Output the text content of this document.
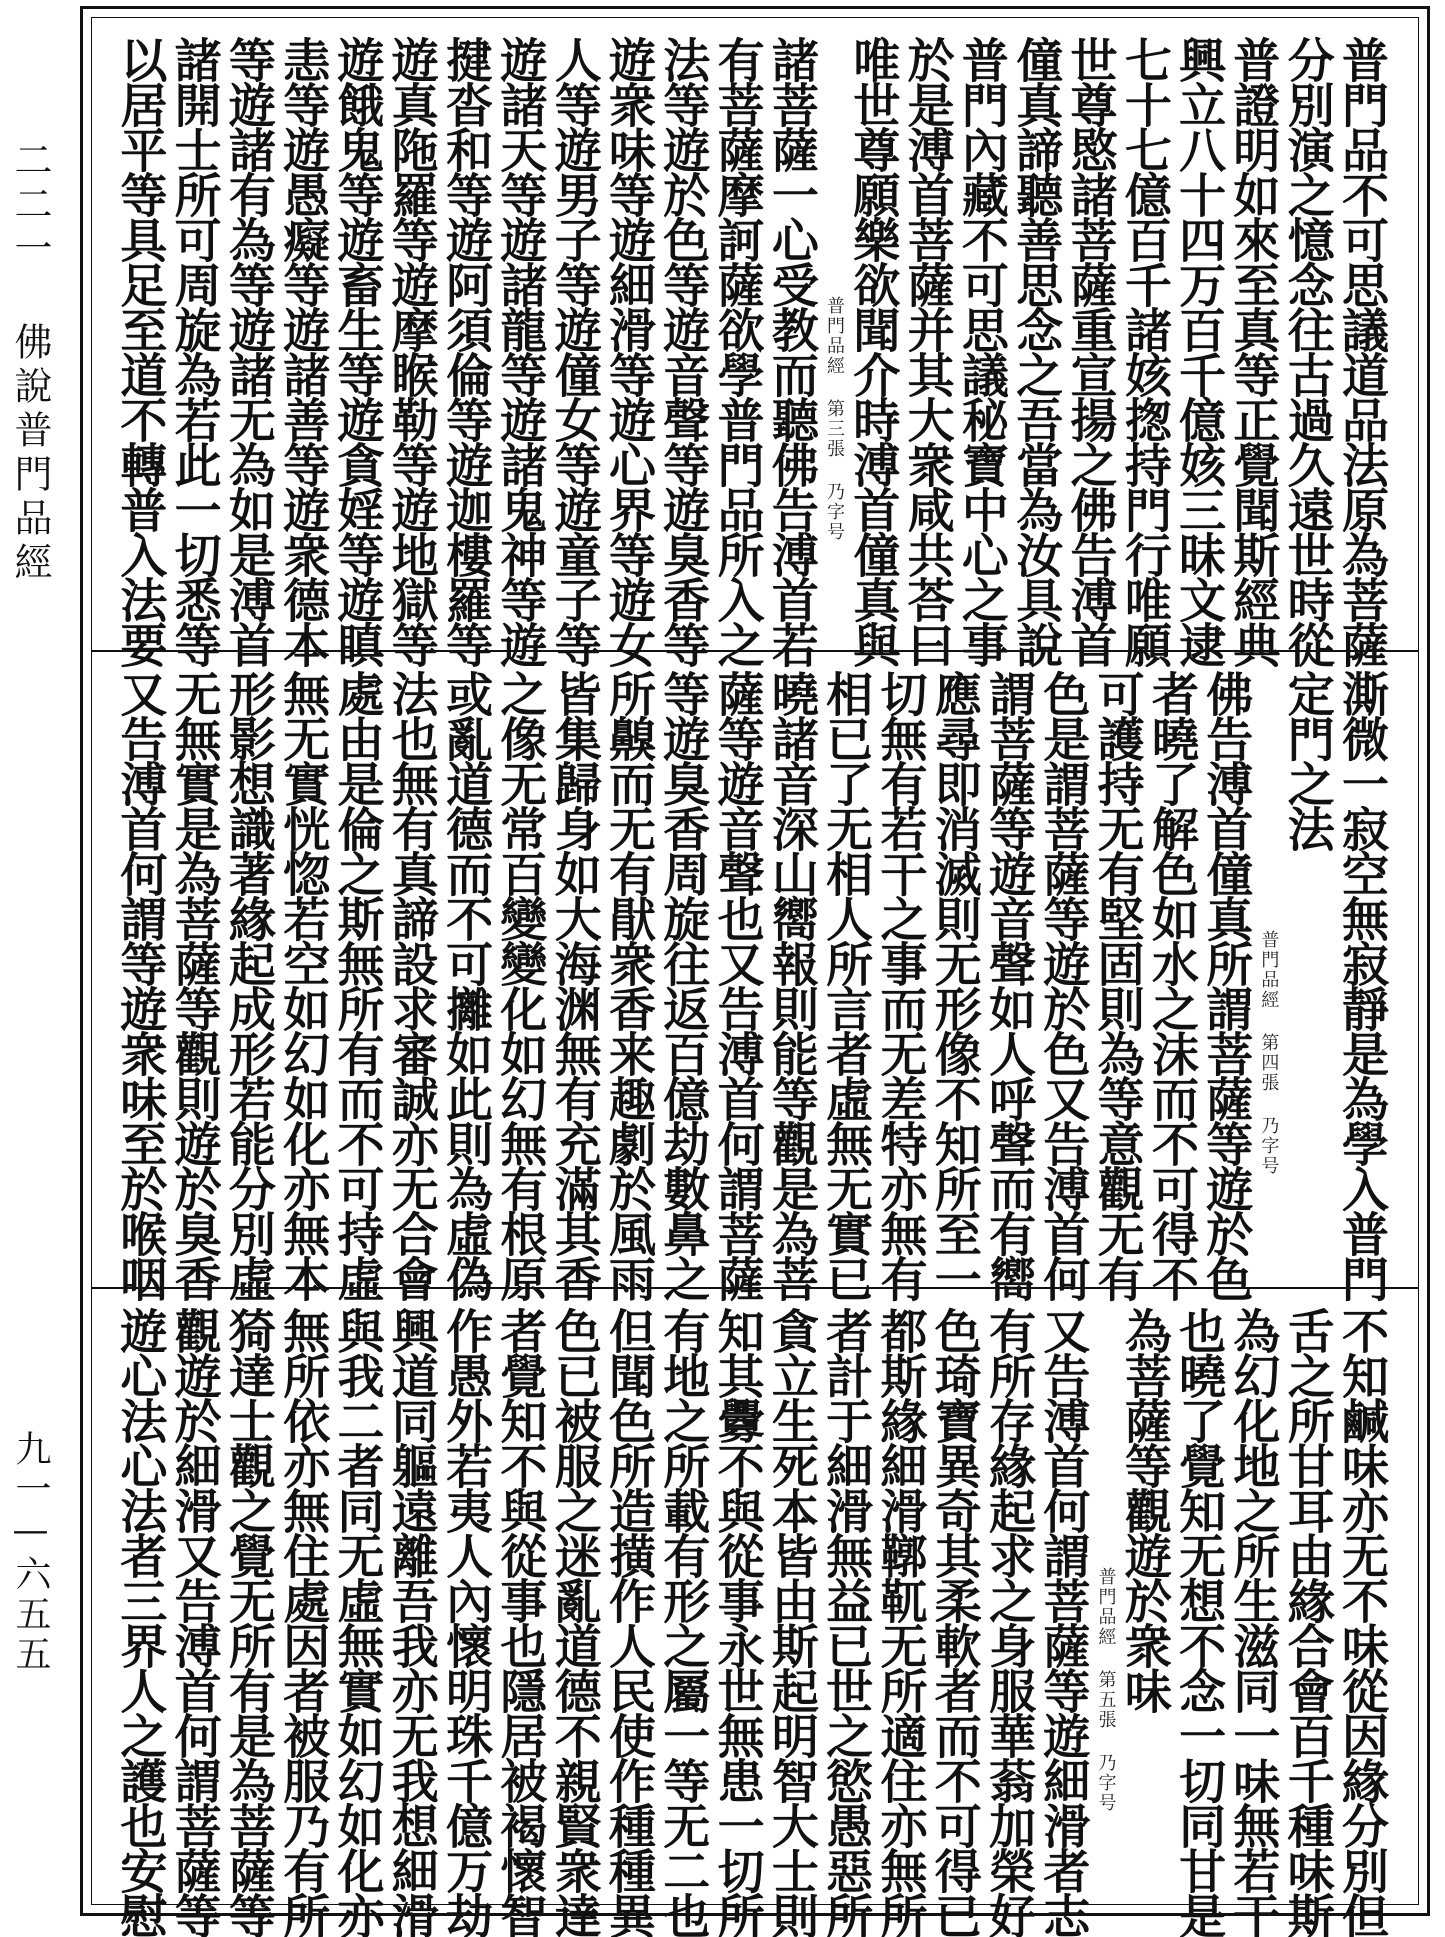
二二一 佛說普門品經
九一—六五五
普門品不可思議道品法原為菩薩
分別演之憶念往古過久遠世時從
普證明如來至真等正覺聞斯經典
興立八十四万百千億姟三昧文逮
七十七億百千諸姟揔持門行唯願
世尊愍諸菩薩重宣揚之佛告溥首
僮真諦聽善思念之吾當為汝具說
普門內藏不可思議秘寶中心之事
於是溥首菩薩并其大衆咸共荅曰
唯世尊願樂欲聞介時溥首僮真與
普門品經 第三張 乃字号
諸菩薩一心受教而聽佛告溥首若
有菩薩摩訶薩欲學普門品所入之
法等遊於色等遊音聲等遊臭香等
遊衆味等遊細滑等遊心界等遊女
人等遊男子等遊僮女等遊童子等
遊諸天等遊諸龍等遊諸鬼神等遊
揵沓和等遊阿須倫等遊迦樓羅等
遊真陁羅等遊摩睺勒等遊地獄等
遊餓鬼等遊畜生等遊貪婬等遊瞋
恚等遊愚癡等遊諸善等遊衆德本
等遊諸有為等遊諸无為如是溥首
諸開士所可周旋為若此一切悉等
以居平等具足至道不轉普入法要
澌微一寂空無寂靜是為學入普門
定門之法
普門品經 第四張 乃字号
佛告溥首僮真所謂菩薩等遊於色
者曉了解色如水之沫而不可得不
可護持无有堅固則為等意觀无有
色是謂菩薩等遊於色又告溥首何
謂菩薩等遊音聲如人呼聲而有嚮
應尋即消滅則无形像不知所至一
切無有若干之事而无差特亦無有
相已了无相人所言者虛無无實已
曉諸音深山嚮報則能等觀是為菩
薩等遊音聲也又告溥首何謂菩薩
等遊臭香周旋往返百億劫數鼻之
所齅而无有猒衆香来趣劇於風雨
皆集歸身如大海渊無有充滿其香
之像无常百變變化如幻無有根原
或亂道德而不可攡如此則為虛偽
法也無有真諦設求審誠亦无合會
處由是倫之斯無所有而不可持虛
無无實恍惚若空如幻如化亦無本
形影想識著緣起成形若能分別虛
无無實是為菩薩等觀則遊於臭香
又告溥首何謂等遊衆味至於喉咽
不知鹹味亦无不味從因緣分別但
舌之所甘耳由緣合會百千種味斯
為幻化地之所生滋同一味無若干
也曉了覺知无想不念一切同甘是
為菩薩等觀遊於衆味
普門品經 第五張 乃字号
又告溥首何謂菩薩等遊細滑者志
有所存緣起求之身服華蓊加榮好
色琦寶異奇其柔軟者而不可得已
都斯緣細滑鞹靰无所適住亦無所
者計于細滑無益已世之慾愚惡所
貪立生死本皆由斯起明智大士則
知其釁不與從事永世無患一切所
有地之所載有形之屬一等无二也
但聞色所造撗作人民使作種種異
色已被服之迷亂道德不親賢衆達
者覺知不與從事也隱居被褐懷智
作愚外若夷人內懷明珠千億万劫
興道同軀遠離吾我亦无我想細滑
與我二者同无虛無實如幻如化亦
無所依亦無住處因者被服乃有所
猗達士觀之覺无所有是為菩薩等
觀遊於細滑又告溥首何謂菩薩等
遊心法心法者三界人之護也安慰
